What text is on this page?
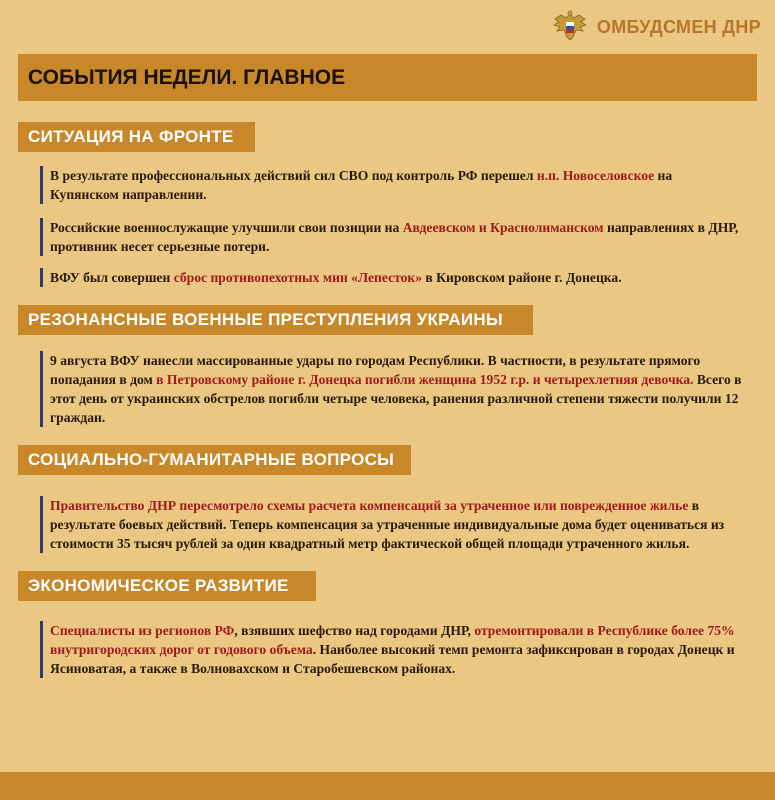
ОМБУДСМЕН ДНР
СОБЫТИЯ НЕДЕЛИ. ГЛАВНОЕ
СИТУАЦИЯ НА ФРОНТЕ
В результате профессиональных действий сил СВО под контроль РФ перешел н.п. Новоселовское на Купянском направлении.
Российские военнослужащие улучшили свои позиции на Авдеевском и Краснолиманском направлениях в ДНР, противник несет серьезные потери.
ВФУ был совершен сброс противопехотных мин «Лепесток» в Кировском районе г. Донецка.
РЕЗОНАНСНЫЕ ВОЕННЫЕ ПРЕСТУПЛЕНИЯ УКРАИНЫ
9 августа ВФУ нанесли массированные удары по городам Республики. В частности, в результате прямого попадания в дом в Петровскому районе г. Донецка погибли женщина 1952 г.р. и четырехлетняя девочка. Всего в этот день от украинских обстрелов погибли четыре человека, ранения различной степени тяжести получили 12 граждан.
СОЦИАЛЬНО-ГУМАНИТАРНЫЕ ВОПРОСЫ
Правительство ДНР пересмотрело схемы расчета компенсаций за утраченное или поврежденное жилье в результате боевых действий. Теперь компенсация за утраченные индивидуальные дома будет оцениваться из стоимости 35 тысяч рублей за один квадратный метр фактической общей площади утраченного жилья.
ЭКОНОМИЧЕСКОЕ РАЗВИТИЕ
Специалисты из регионов РФ, взявших шефство над городами ДНР, отремонтировали в Республике более 75% внутригородских дорог от годового объема. Наиболее высокий темп ремонта зафиксирован в городах Донецк и Ясиноватая, а также в Волновахском и Старобешевском районах.
